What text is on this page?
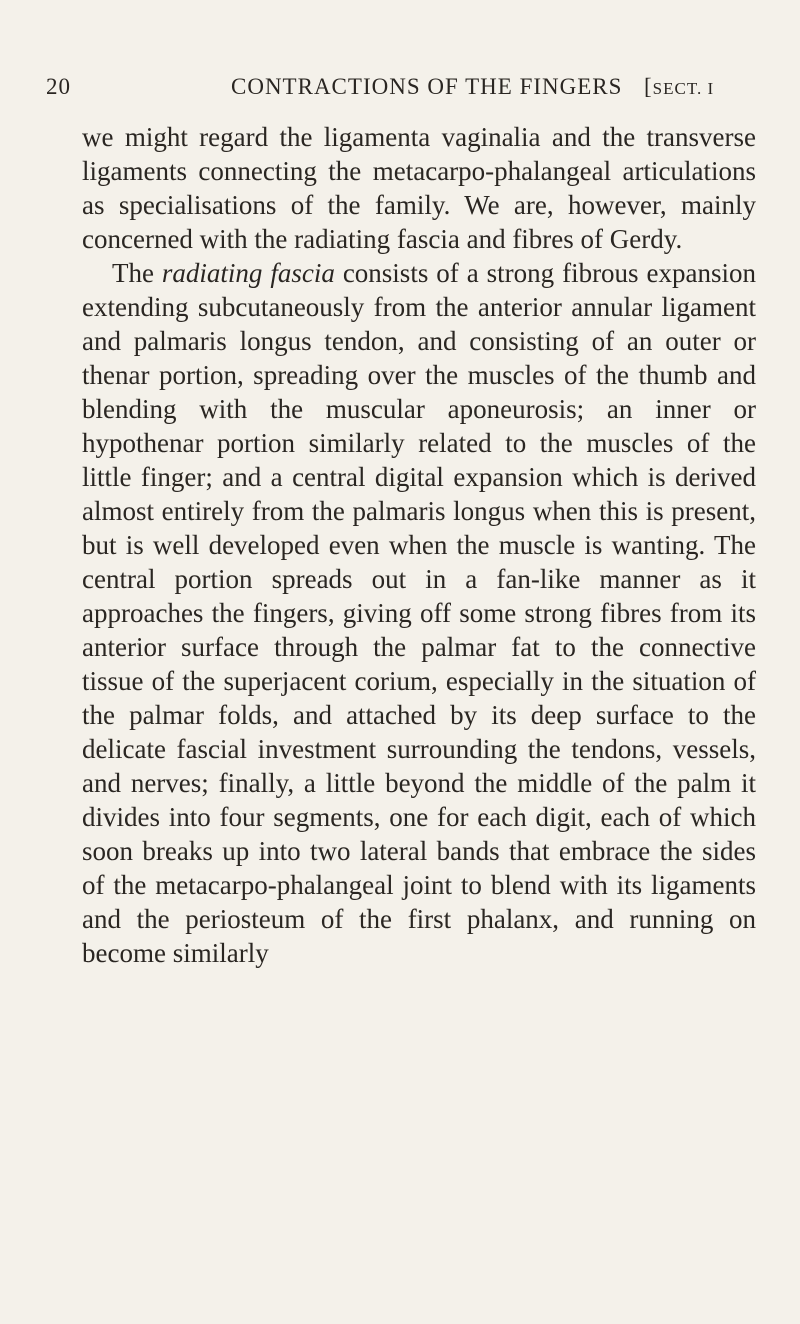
20	CONTRACTIONS OF THE FINGERS [SECT. I

we might regard the ligamenta vaginalia and the transverse ligaments connecting the metacarpo-phalangeal articulations as specialisations of the family. We are, however, mainly concerned with the radiating fascia and fibres of Gerdy.

The radiating fascia consists of a strong fibrous expansion extending subcutaneously from the anterior annular ligament and palmaris longus tendon, and consisting of an outer or thenar portion, spreading over the muscles of the thumb and blending with the muscular aponeurosis; an inner or hypothenar portion similarly related to the muscles of the little finger; and a central digital expansion which is derived almost entirely from the palmaris longus when this is present, but is well developed even when the muscle is wanting. The central portion spreads out in a fan-like manner as it approaches the fingers, giving off some strong fibres from its anterior surface through the palmar fat to the connective tissue of the superjacent corium, especially in the situation of the palmar folds, and attached by its deep surface to the delicate fascial investment surrounding the tendons, vessels, and nerves; finally, a little beyond the middle of the palm it divides into four segments, one for each digit, each of which soon breaks up into two lateral bands that embrace the sides of the metacarpo-phalangeal joint to blend with its ligaments and the periosteum of the first phalanx, and running on become similarly
